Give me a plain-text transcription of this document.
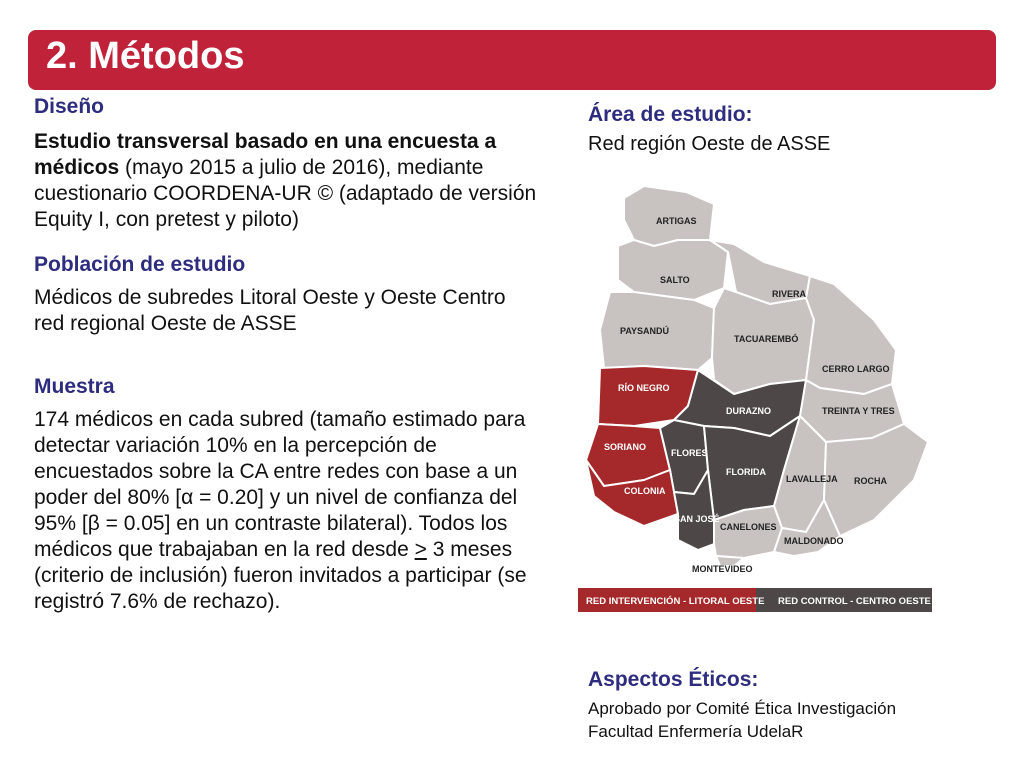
2. Métodos
Diseño
Estudio transversal basado en una encuesta a médicos (mayo 2015 a julio de 2016), mediante cuestionario COORDENA-UR © (adaptado de versión Equity I, con pretest y piloto)
Población de estudio
Médicos de subredes Litoral Oeste y Oeste Centro red regional Oeste de ASSE
Muestra
174 médicos en cada subred (tamaño estimado para detectar variación 10% en la percepción de encuestados sobre la CA entre redes con base a un poder del 80% [α = 0.20] y un nivel de confianza del 95% [β = 0.05] en un contraste bilateral). Todos los médicos que trabajaban en la red desde ≥ 3 meses (criterio de inclusión) fueron invitados a participar (se registró 7.6% de rechazo).
Área de estudio:
Red región Oeste de ASSE
ARTIGAS
SALTO
RIVERA
PAYSANDÚ
TACUAREMBÓ
CERRO LARGO
RÍO NEGRO
DURAZNO	TREINTA Y TRES
SORIANO
FLORES
FLORIDA
LAVALLEJA ROCHA
COLONIA
SAN JOSÉ
CANELONES
MALDONADO
MONTEVIDEO
RED INTERVENCIÓN - LITORAL OESTE RED CONTROL - CENTRO OESTE
Aspectos Éticos:
Aprobado por Comité Ética Investigación
Facultad Enfermería UdelaR
